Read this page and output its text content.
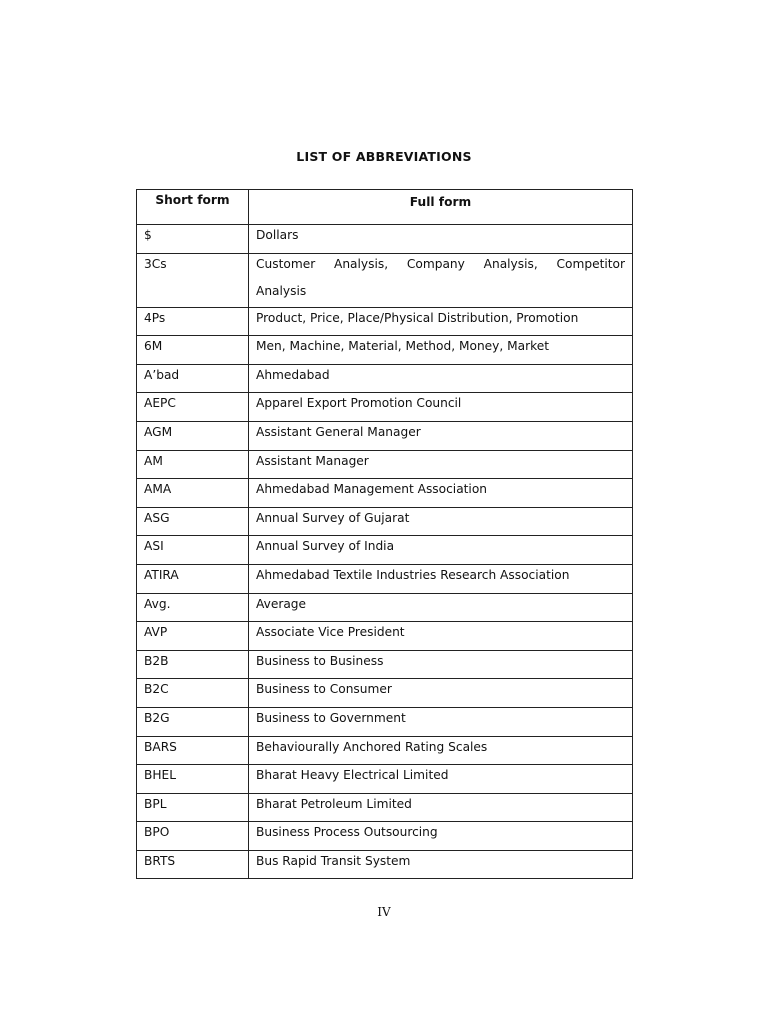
LIST OF ABBREVIATIONS
Short form	Full form
$	Dollars
3Cs	Customer Analysis, Company Analysis, Competitor
Analysis

4Ps	Product, Price, Place/Physical Distribution, Promotion
6M	Men, Machine, Material, Method, Money, Market
A’bad	Ahmedabad
AEPC	Apparel Export Promotion Council
AGM	Assistant General Manager
AM	Assistant Manager
AMA	Ahmedabad Management Association
ASG	Annual Survey of Gujarat
ASI	Annual Survey of India
ATIRA	Ahmedabad Textile Industries Research Association
Avg.	Average
AVP	Associate Vice President
B2B	Business to Business
B2C	Business to Consumer
B2G	Business to Government
BARS	Behaviourally Anchored Rating Scales
BHEL	Bharat Heavy Electrical Limited
BPL	Bharat Petroleum Limited
BPO	Business Process Outsourcing
BRTS	Bus Rapid Transit System
IV
